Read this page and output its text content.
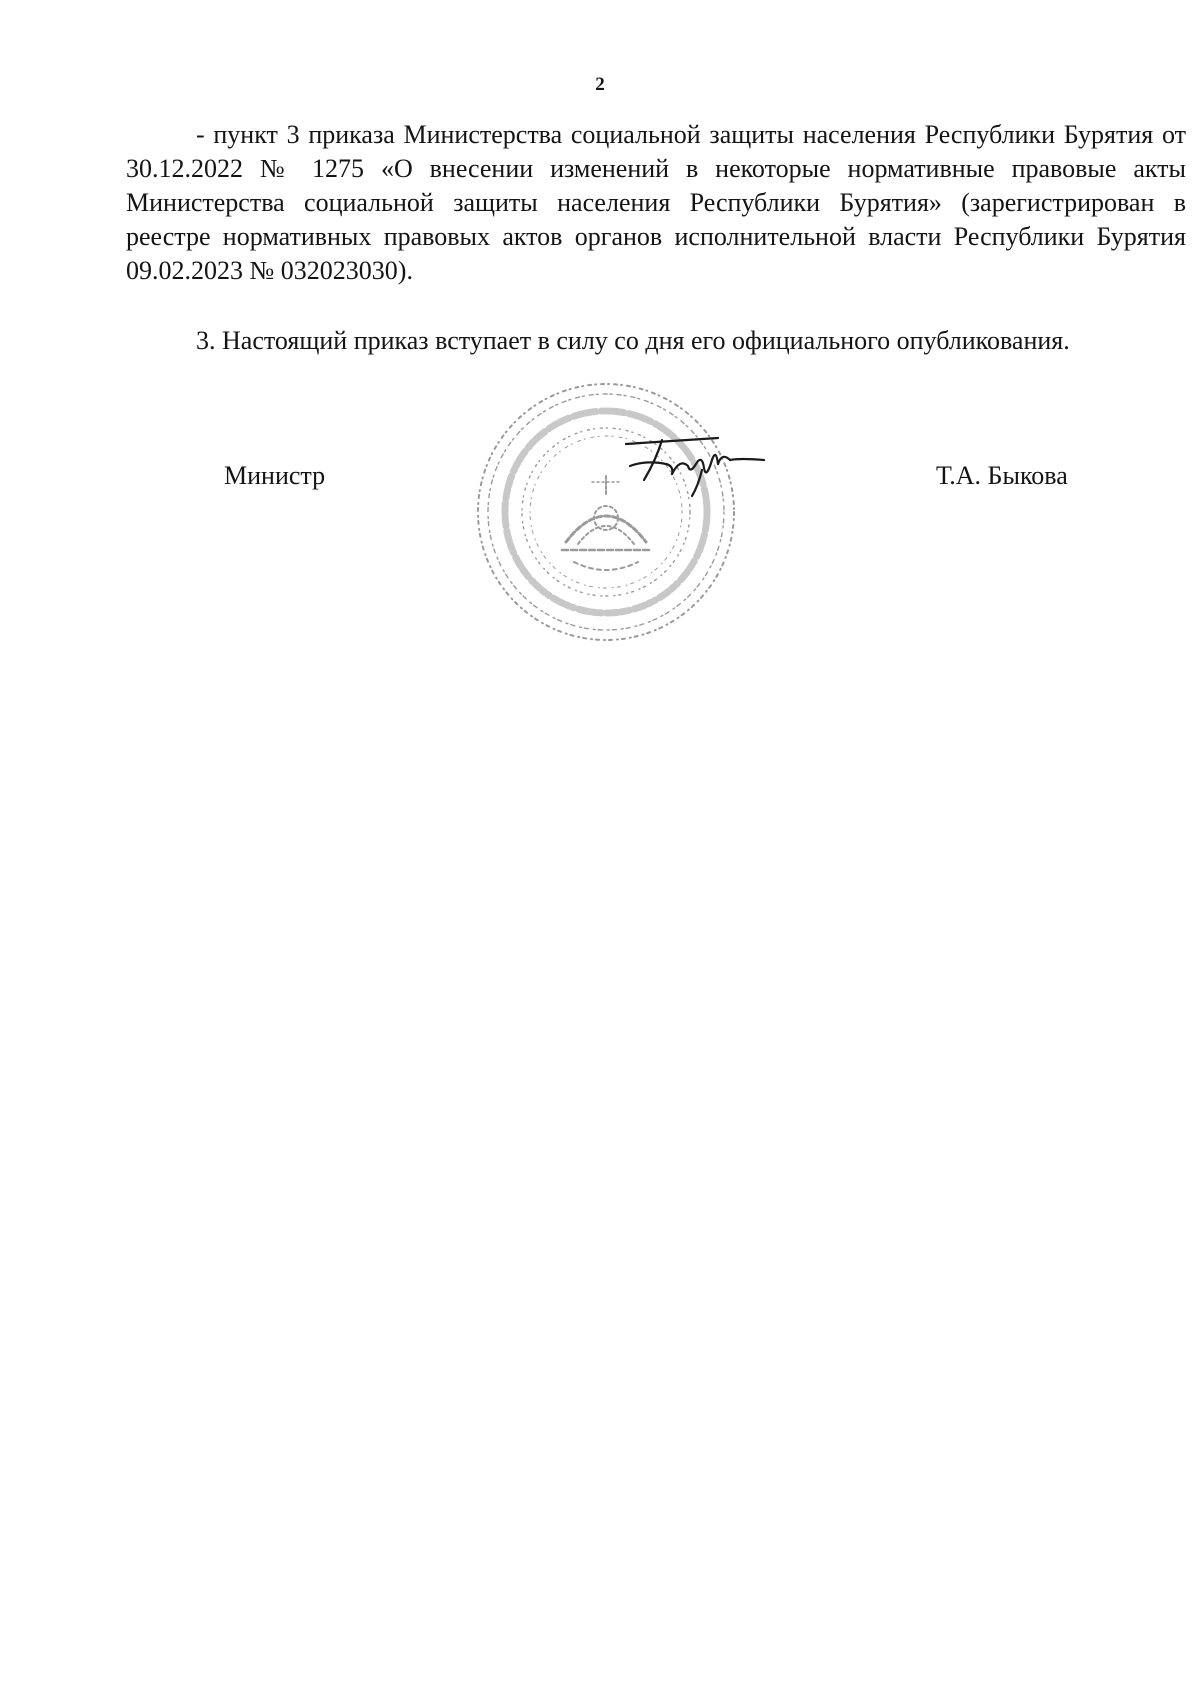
2

- пункт 3 приказа Министерства социальной защиты населения Республики Бурятия от 30.12.2022 № 1275 «О внесении изменений в некоторые нормативные правовые акты Министерства социальной защиты населения Республики Бурятия» (зарегистрирован в реестре нормативных правовых актов органов исполнительной власти Республики Бурятия 09.02.2023 № 032023030).

3. Настоящий приказ вступает в силу со дня его официального опубликования.

Министр	Т.А. Быкова
